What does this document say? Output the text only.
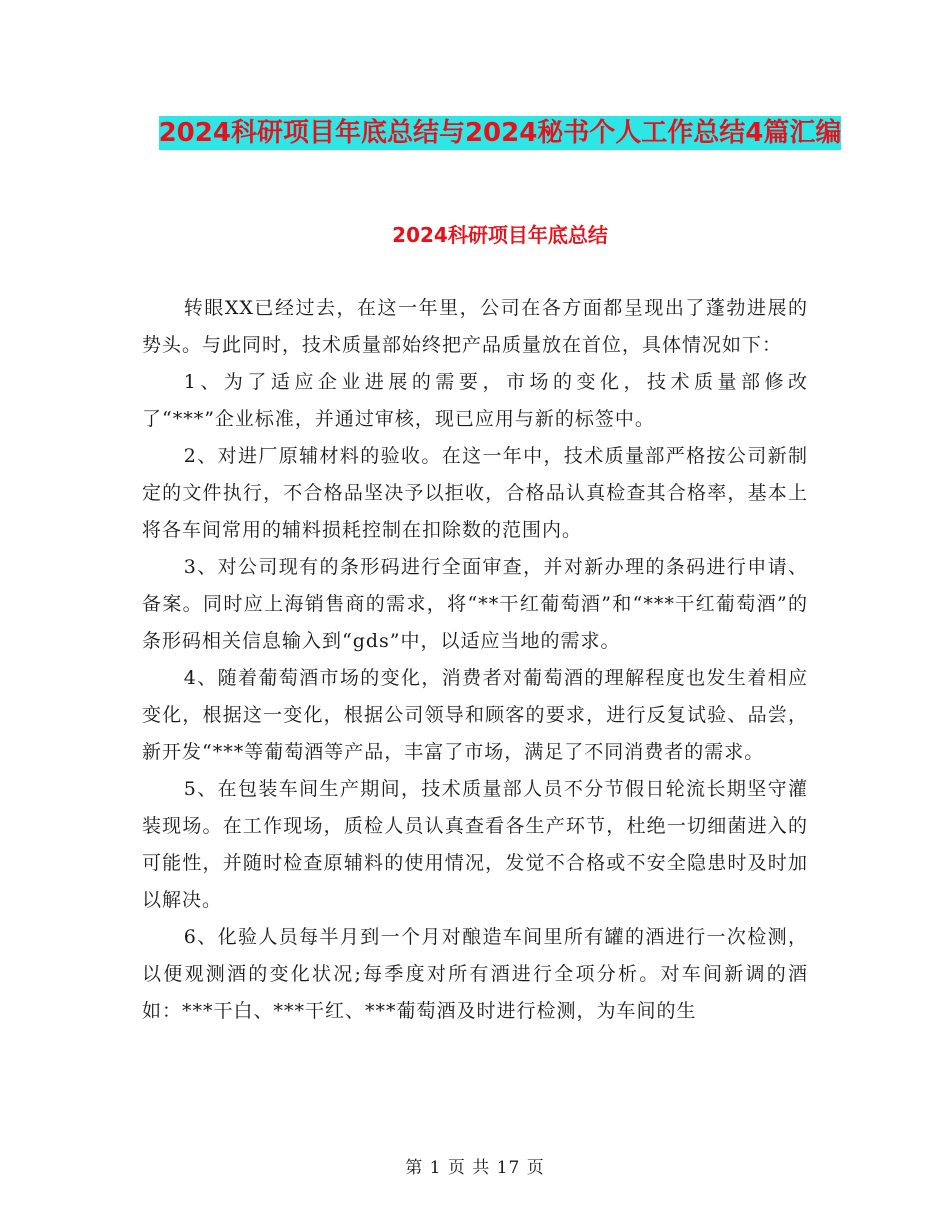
2024科研项目年底总结与2024秘书个人工作总结4篇汇编
2024科研项目年底总结

转眼XX已经过去，在这一年里，公司在各方面都呈现出了蓬勃进展的势头。与此同时，技术质量部始终把产品质量放在首位，具体情况如下：

1、为了适应企业进展的需要，市场的变化，技术质量部修改了“***”企业标准，并通过审核，现已应用与新的标签中。

2、对进厂原辅材料的验收。在这一年中，技术质量部严格按公司新制定的文件执行，不合格品坚决予以拒收，合格品认真检查其合格率，基本上将各车间常用的辅料损耗控制在扣除数的范围内。

3、对公司现有的条形码进行全面审查，并对新办理的条码进行申请、备案。同时应上海销售商的需求，将“**干红葡萄酒”和“***干红葡萄酒”的条形码相关信息输入到“gds”中，以适应当地的需求。

4、随着葡萄酒市场的变化，消费者对葡萄酒的理解程度也发生着相应变化，根据这一变化，根据公司领导和顾客的要求，进行反复试验、品尝，新开发“***等葡萄酒等产品，丰富了市场，满足了不同消费者的需求。

5、在包装车间生产期间，技术质量部人员不分节假日轮流长期坚守灌装现场。在工作现场，质检人员认真查看各生产环节，杜绝一切细菌进入的可能性，并随时检查原辅料的使用情况，发觉不合格或不安全隐患时及时加以解决。

6、化验人员每半月到一个月对酿造车间里所有罐的酒进行一次检测，以便观测酒的变化状况;每季度对所有酒进行全项分析。对车间新调的酒如：***干白、***干红、***葡萄酒及时进行检测，为车间的生

第 1 页 共 17 页
